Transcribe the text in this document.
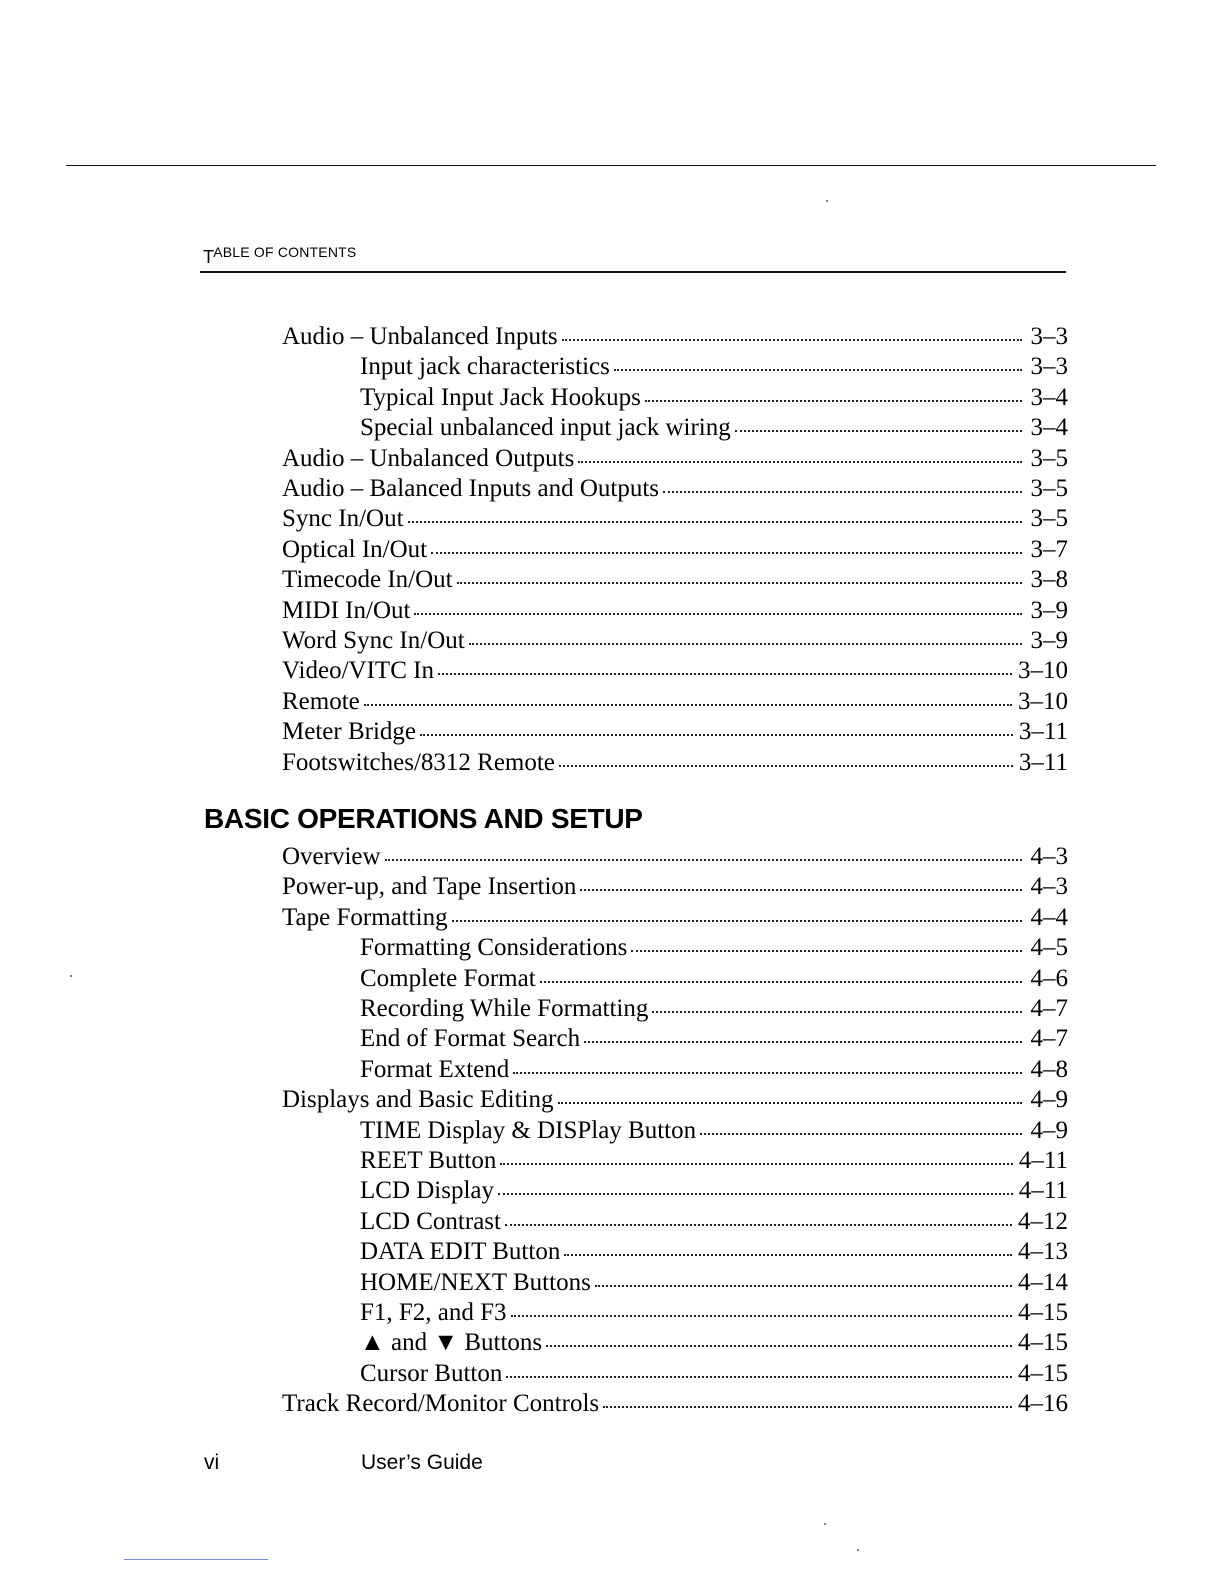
TABLE OF CONTENTS
Audio – Unbalanced Inputs	3–3
Input jack characteristics	3–3
Typical Input Jack Hookups	3–4
Special unbalanced input jack wiring	3–4
Audio – Unbalanced Outputs	3–5
Audio – Balanced Inputs and Outputs	3–5
Sync In/Out	3–5
Optical In/Out	3–7
Timecode In/Out	3–8
MIDI In/Out	3–9
Word Sync In/Out	3–9
Video/VITC In	3–10
Remote	3–10
Meter Bridge	3–11
Footswitches/8312 Remote	3–11
BASIC OPERATIONS AND SETUP
Overview	4–3
Power-up, and Tape Insertion	4–3
Tape Formatting	4–4
Formatting Considerations	4–5
Complete Format	4–6
Recording While Formatting	4–7
End of Format Search	4–7
Format Extend	4–8
Displays and Basic Editing	4–9
TIME Display & DISPlay Button	4–9
REET Button	4–11
LCD Display	4–11
LCD Contrast	4–12
DATA EDIT Button	4–13
HOME/NEXT Buttons	4–14
F1, F2, and F3	4–15
▲ and ▼ Buttons	4–15
Cursor Button	4–15
Track Record/Monitor Controls	4–16
vi	User’s Guide
